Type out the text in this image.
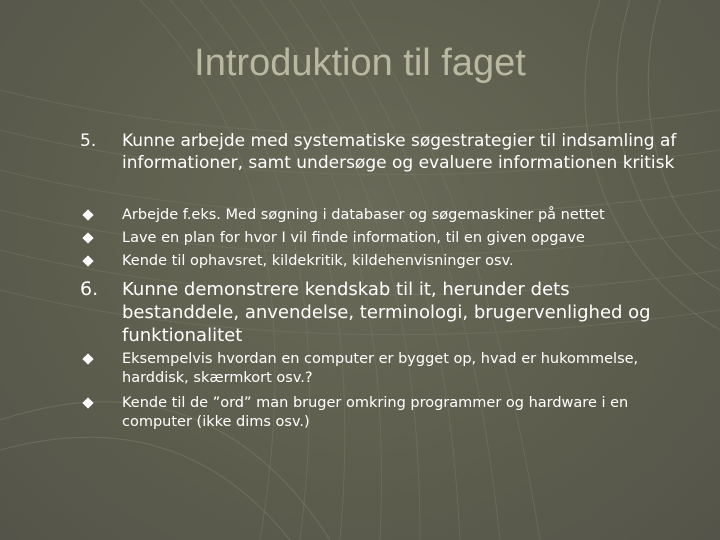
Introduktion til faget
5. Kunne arbejde med systematiske søgestrategier til indsamling af informationer, samt undersøge og evaluere informationen kritisk
Arbejde f.eks. Med søgning i databaser og søgemaskiner på nettet
Lave en plan for hvor I vil finde information, til en given opgave
Kende til ophavsret, kildekritik, kildehenvisninger osv.
6. Kunne demonstrere kendskab til it, herunder dets bestanddele, anvendelse, terminologi, brugervenlighed og funktionalitet
Eksempelvis hvordan en computer er bygget op, hvad er hukommelse, harddisk, skærmkort osv.?
Kende til de ”ord” man bruger omkring programmer og hardware i en computer (ikke dims osv.)
